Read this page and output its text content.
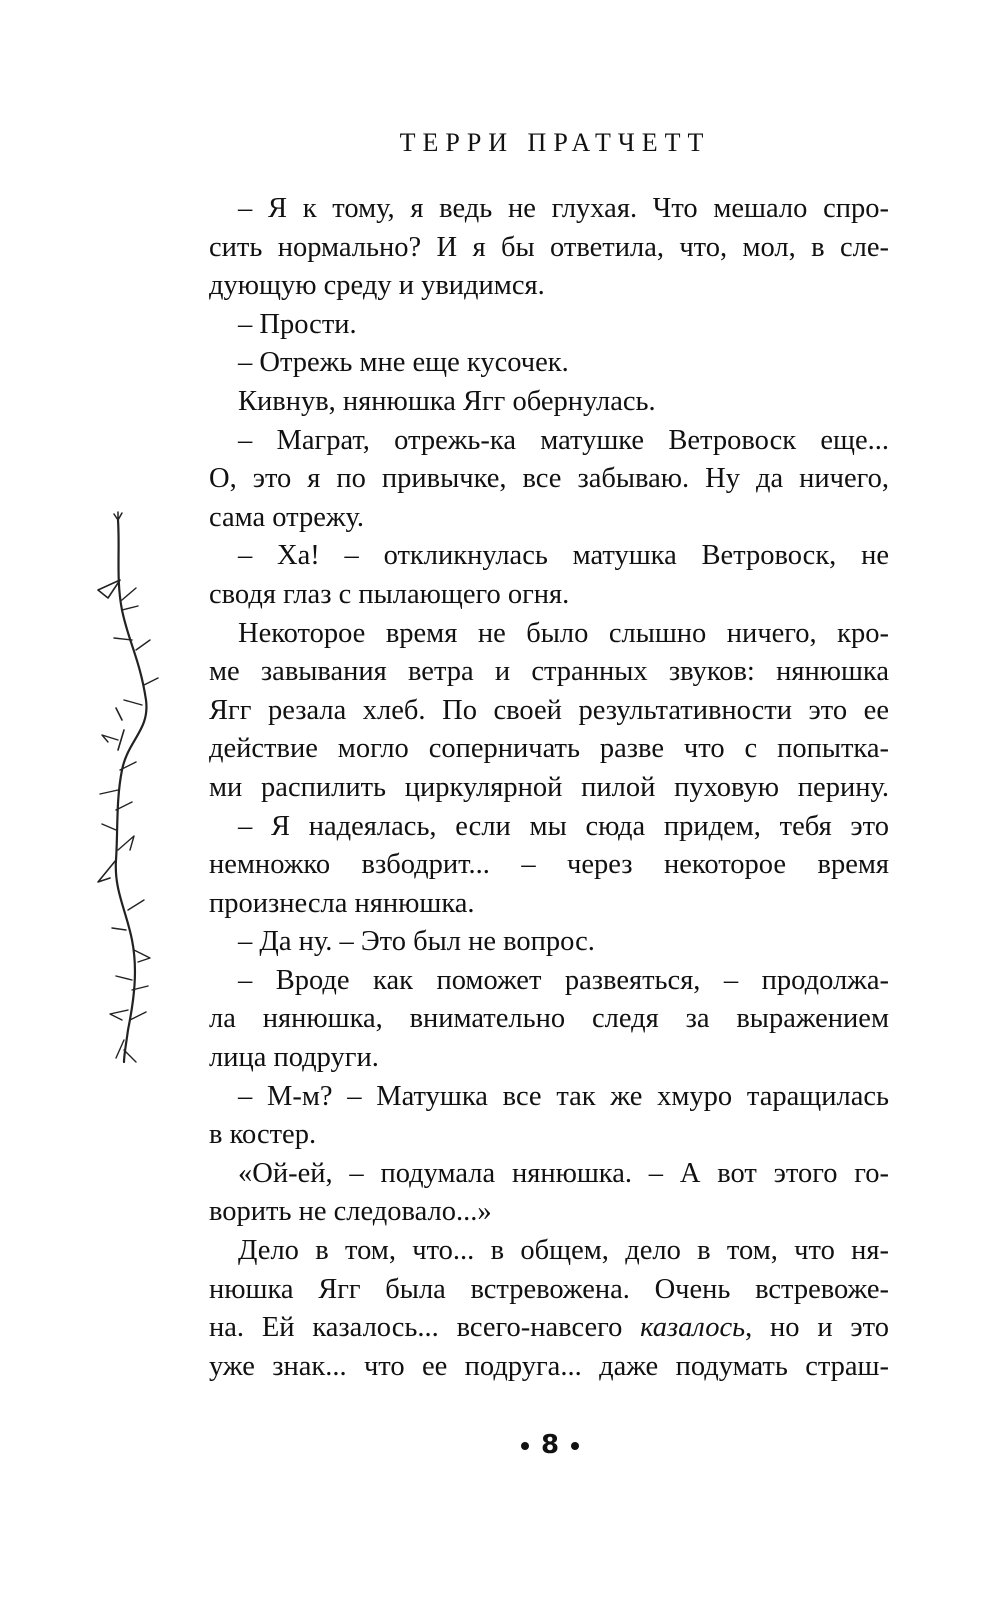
ТЕРРИ ПРАТЧЕТТ
– Я к тому, я ведь не глухая. Что мешало спро-
сить нормально? И я бы ответила, что, мол, в сле-
дующую среду и увидимся.
– Прости.
– Отрежь мне еще кусочек.
Кивнув, нянюшка Ягг обернулась.
– Маграт, отрежь-ка матушке Ветровоск еще...
О, это я по привычке, все забываю. Ну да ничего,
сама отрежу.
– Ха! – откликнулась матушка Ветровоск, не
сводя глаз с пылающего огня.
Некоторое время не было слышно ничего, кро-
ме завывания ветра и странных звуков: нянюшка
Ягг резала хлеб. По своей результативности это ее
действие могло соперничать разве что с попытка-
ми распилить циркулярной пилой пуховую перину.
– Я надеялась, если мы сюда придем, тебя это
немножко взбодрит... – через некоторое время
произнесла нянюшка.
– Да ну. – Это был не вопрос.
– Вроде как поможет развеяться, – продолжа-
ла нянюшка, внимательно следя за выражением
лица подруги.
– М-м? – Матушка все так же хмуро таращилась
в костер.
«Ой-ей, – подумала нянюшка. – А вот этого го-
ворить не следовало...»
Дело в том, что... в общем, дело в том, что ня-
нюшка Ягг была встревожена. Очень встревоже-
на. Ей казалось... всего-навсего казалось, но и это
уже знак... что ее подруга... даже подумать страш-
8
